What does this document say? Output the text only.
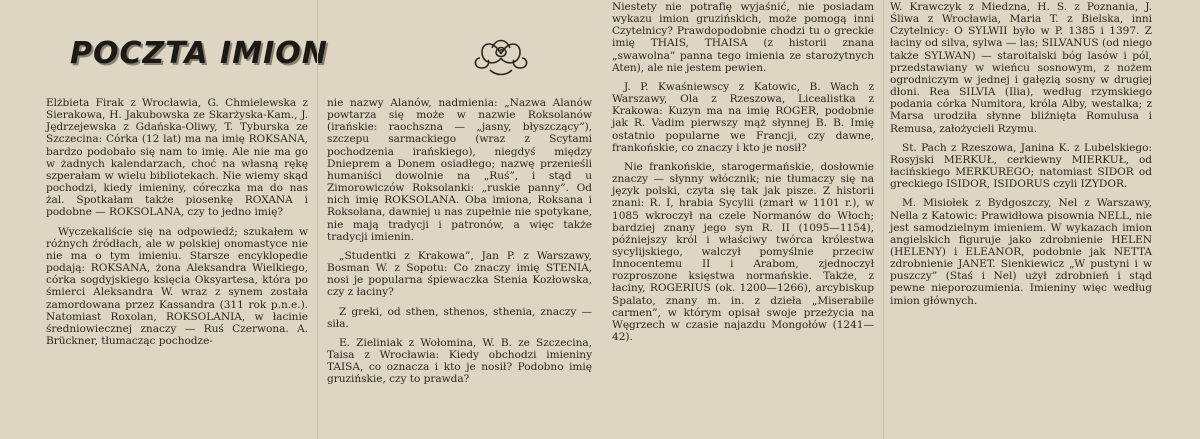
POCZTA IMION

Elżbieta Firak z Wrocławia, G. Chmielewska z Sierakowa, H. Jakubowska ze Skarżyska-Kam., J. Jędrzejewska z Gdańska-Oliwy, T. Tyburska ze Szczecina: Córka (12 lat) ma na imię ROKSANA, bardzo podobało się nam to imię. Ale nie ma go w żadnych kalendarzach, choć na własną rękę szperałam w wielu bibliotekach. Nie wiemy skąd pochodzi, kiedy imieniny, córeczka ma do nas żal. Spotkałam także piosenkę ROXANA i podobne — ROKSOLANA, czy to jedno imię?

Wyczekaliście się na odpowiedź; szukałem w różnych źródłach, ale w polskiej onomastyce nie nie ma o tym imieniu. Starsze encyklopedie podają: ROKSANA, żona Aleksandra Wielkiego, córka sogdyjskiego księcia Oksyartesa, która po śmierci Aleksandra W. wraz z synem została zamordowana przez Kassandra (311 rok p.n.e.). Natomiast Roxolan, ROKSOLANIA, w łacinie średniowiecznej znaczy — Ruś Czerwona. A. Brückner, tłumacząc pochodze-

nie nazwy Alanów, nadmienia: „Nazwa Alanów powtarza się może w nazwie Roksolanów (irańskie: raochszna — „jasny, błyszczący”), szczepu sarmackiego (wraz z Scytami pochodzenia irańskiego), niegdyś między Dnieprem a Donem osiadłego; nazwę przenieśli humaniści dowolnie na „Ruś”, i stąd u Zimorowiczów Roksolanki: „ruskie panny”. Od nich imię ROKSOLANA. Oba imiona, Roksana i Roksolana, dawniej u nas zupełnie nie spotykane, nie mają tradycji i patronów, a więc także tradycji imienin.

„Studentki z Krakowa”, Jan P. z Warszawy, Bosman W. z Sopotu: Co znaczy imię STENIA, nosi je popularna śpiewaczka Stenia Kozłowska, czy z łaciny?

Z greki, od sthen, sthenos, sthenia, znaczy — siła.

E. Zieliniak z Wołomina, W. B. ze Szczecina, Taisa z Wrocławia: Kiedy obchodzi imieniny TAISA, co oznacza i kto je nosił? Podobno imię gruzińskie, czy to prawda?

Niestety nie potrafię wyjaśnić, nie posiadam wykazu imion gruzińskich, może pomogą inni Czytelnicy? Prawdopodobnie chodzi tu o greckie imię THAIS, THAISA (z historii znana „swawolna” panna tego imienia ze starożytnych Aten), ale nie jestem pewien.

J. P. Kwaśniewscy z Katowic, B. Wach z Warszawy, Ola z Rzeszowa, Licealistka z Krakowa: Kuzyn ma na imię ROGER, podobnie jak R. Vadim pierwszy mąż słynnej B. B. Imię ostatnio popularne we Francji, czy dawne, frankońskie, co znaczy i kto je nosił?

Nie frankońskie, starogermańskie, dosłownie znaczy — słynny włócznik; nie tłumaczy się na język polski, czyta się tak jak pisze. Z historii znani: R. I, hrabia Sycylii (zmarł w 1101 r.), w 1085 wkroczył na czele Normanów do Włoch; bardziej znany jego syn R. II (1095—1154), późniejszy król i właściwy twórca królestwa sycylijskiego, walczył pomyślnie przeciw Innocentemu II i Arabom, zjednoczył rozproszone księstwa normańskie. Także, z łaciny, ROGERIUS (ok. 1200—1266), arcybiskup Spalato, znany m. in. z dzieła „Miserabile carmen”, w którym opisał swoje przeżycia na Węgrzech w czasie najazdu Mongołów (1241—42).

W. Krawczyk z Miedzna, H. S. z Poznania, J. Śliwa z Wrocławia, Maria T. z Bielska, inni Czytelnicy: O SYLWII było w P. 1385 i 1397. Z łaciny od silva, sylwa — las; SILVANUS (od niego także SYLWAN) — staroitalski bóg lasów i pól, przedstawiany w wieńcu sosnowym, z nożem ogrodniczym w jednej i gałęzią sosny w drugiej dłoni. Rea SILVIA (Ilia), według rzymskiego podania córka Numitora, króla Alby, westalka; z Marsa urodziła słynne bliźnięta Romulusa i Remusa, założycieli Rzymu.

St. Pach z Rzeszowa, Janina K. z Lubelskiego: Rosyjski MERKUŁ, cerkiewny MIERKUŁ, od łacińskiego MERKUREGO; natomiast SIDOR od greckiego ISIDOR, ISIDORUS czyli IZYDOR.

M. Misiołek z Bydgoszczy, Nel z Warszawy, Nella z Katowic: Prawidłowa pisownia NELL, nie jest samodzielnym imieniem. W wykazach imion angielskich figuruje jako zdrobnienie HELEN (HELENY) i ELEANOR, podobnie jak NETTA zdrobnienie JANET. Sienkiewicz „W pustyni i w puszczy” (Staś i Nel) użył zdrobnień i stąd pewne nieporozumienia. Imieniny więc według imion głównych.
